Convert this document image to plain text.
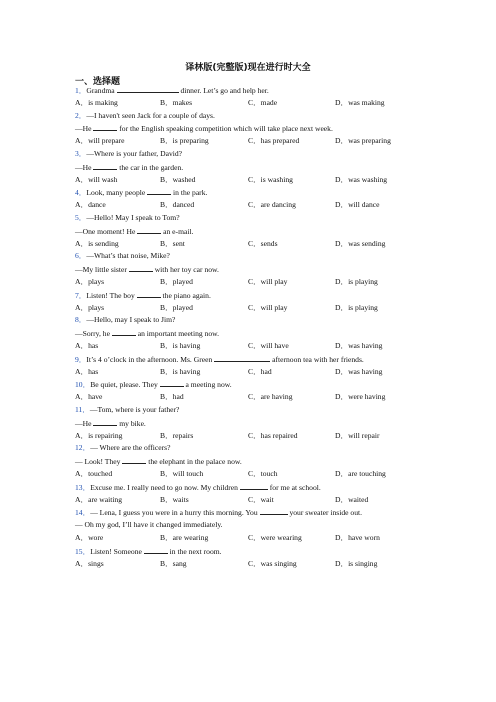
译林版(完整版)现在进行时大全
一、选择题
1．Grandma	dinner. Let’s go and help her.
A．is making	B．makes	C．made	D．was making
2．—I haven't seen Jack for a couple of days.
—He	for the English speaking competition which will take place next week.
A．will prepare	B．is preparing	C．has prepared	D．was preparing
3．—Where is your father, David?
—He	the car in the garden.
A．will wash	B．washed	C．is washing	D．was washing
4．Look, many people	in the park.
A．dance	B．danced	C．are dancing	D．will dance
5．—Hello! May I speak to Tom?
—One moment! He	an e-mail.
A．is sending	B．sent	C．sends	D．was sending
6．—What’s that noise, Mike?
—My little sister	with her toy car now.
A．plays	B．played	C．will play	D．is playing
7．Listen! The boy	the piano again.
A．plays	B．played	C．will play	D．is playing
8．—Hello, may I speak to Jim?
—Sorry, he	an important meeting now.
A．has	B．is having	C．will have	D．was having
9．It’s 4 o’clock in the afternoon. Ms. Green	afternoon tea with her friends.
A．has	B．is having	C．had	D．was having
10．Be quiet, please. They	a meeting now.
A．have	B．had	C．are having	D．were having
11．—Tom, where is your father?
—He	my bike.
A．is repairing	B．repairs	C．has repaired	D．will repair
12．— Where are the officers?
— Look! They	the elephant in the palace now.
A．touched	B．will touch	C．touch	D．are touching
13．Excuse me. I really need to go now. My children	for me at school.
A．are waiting	B．waits	C．wait	D．waited
14．— Lena, I guess you were in a hurry this morning. You	your sweater inside out.
— Oh my god, I’ll have it changed immediately.
A．wore	B．are wearing	C．were wearing	D．have worn
15．Listen! Someone	in the next room.
A．sings	B．sang	C．was singing	D．is singing
